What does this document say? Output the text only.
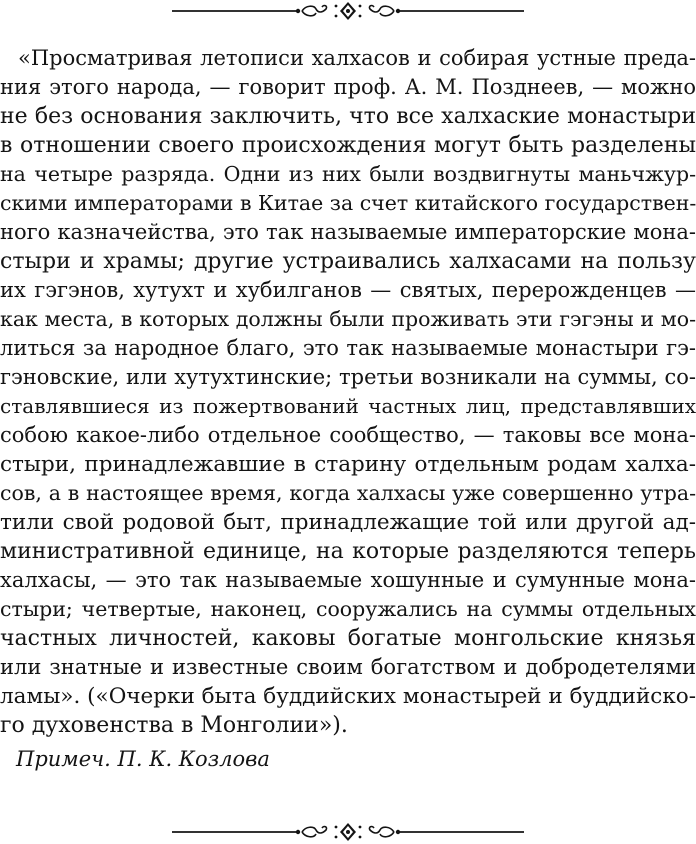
«Просматривая летописи халхасов и собирая устные преда-
ния этого народа, — говорит проф. А. М. Позднеев, — можно
не без основания заключить, что все халхаские монастыри
в отношении своего происхождения могут быть разделены
на четыре разряда. Одни из них были воздвигнуты маньчжур-
скими императорами в Китае за счет китайского государствен-
ного казначейства, это так называемые императорские мона-
стыри и храмы; другие устраивались халхасами на пользу
их гэгэнов, хутухт и хубилганов — святых, перерожденцев —
как места, в которых должны были проживать эти гэгэны и мо-
литься за народное благо, это так называемые монастыри гэ-
гэновские, или хутухтинские; третьи возникали на суммы, со-
ставлявшиеся из пожертвований частных лиц, представлявших
собою какое-либо отдельное сообщество, — таковы все мона-
стыри, принадлежавшие в старину отдельным родам халха-
сов, а в настоящее время, когда халхасы уже совершенно утра-
тили свой родовой быт, принадлежащие той или другой ад-
министративной единице, на которые разделяются теперь
халхасы, — это так называемые хошунные и сумунные мона-
стыри; четвертые, наконец, сооружались на суммы отдельных
частных личностей, каковы богатые монгольские князья
или знатные и известные своим богатством и добродетелями
ламы». («Очерки быта буддийских монастырей и буддийско-
го духовенства в Монголии»).
Примеч. П. К. Козлова
